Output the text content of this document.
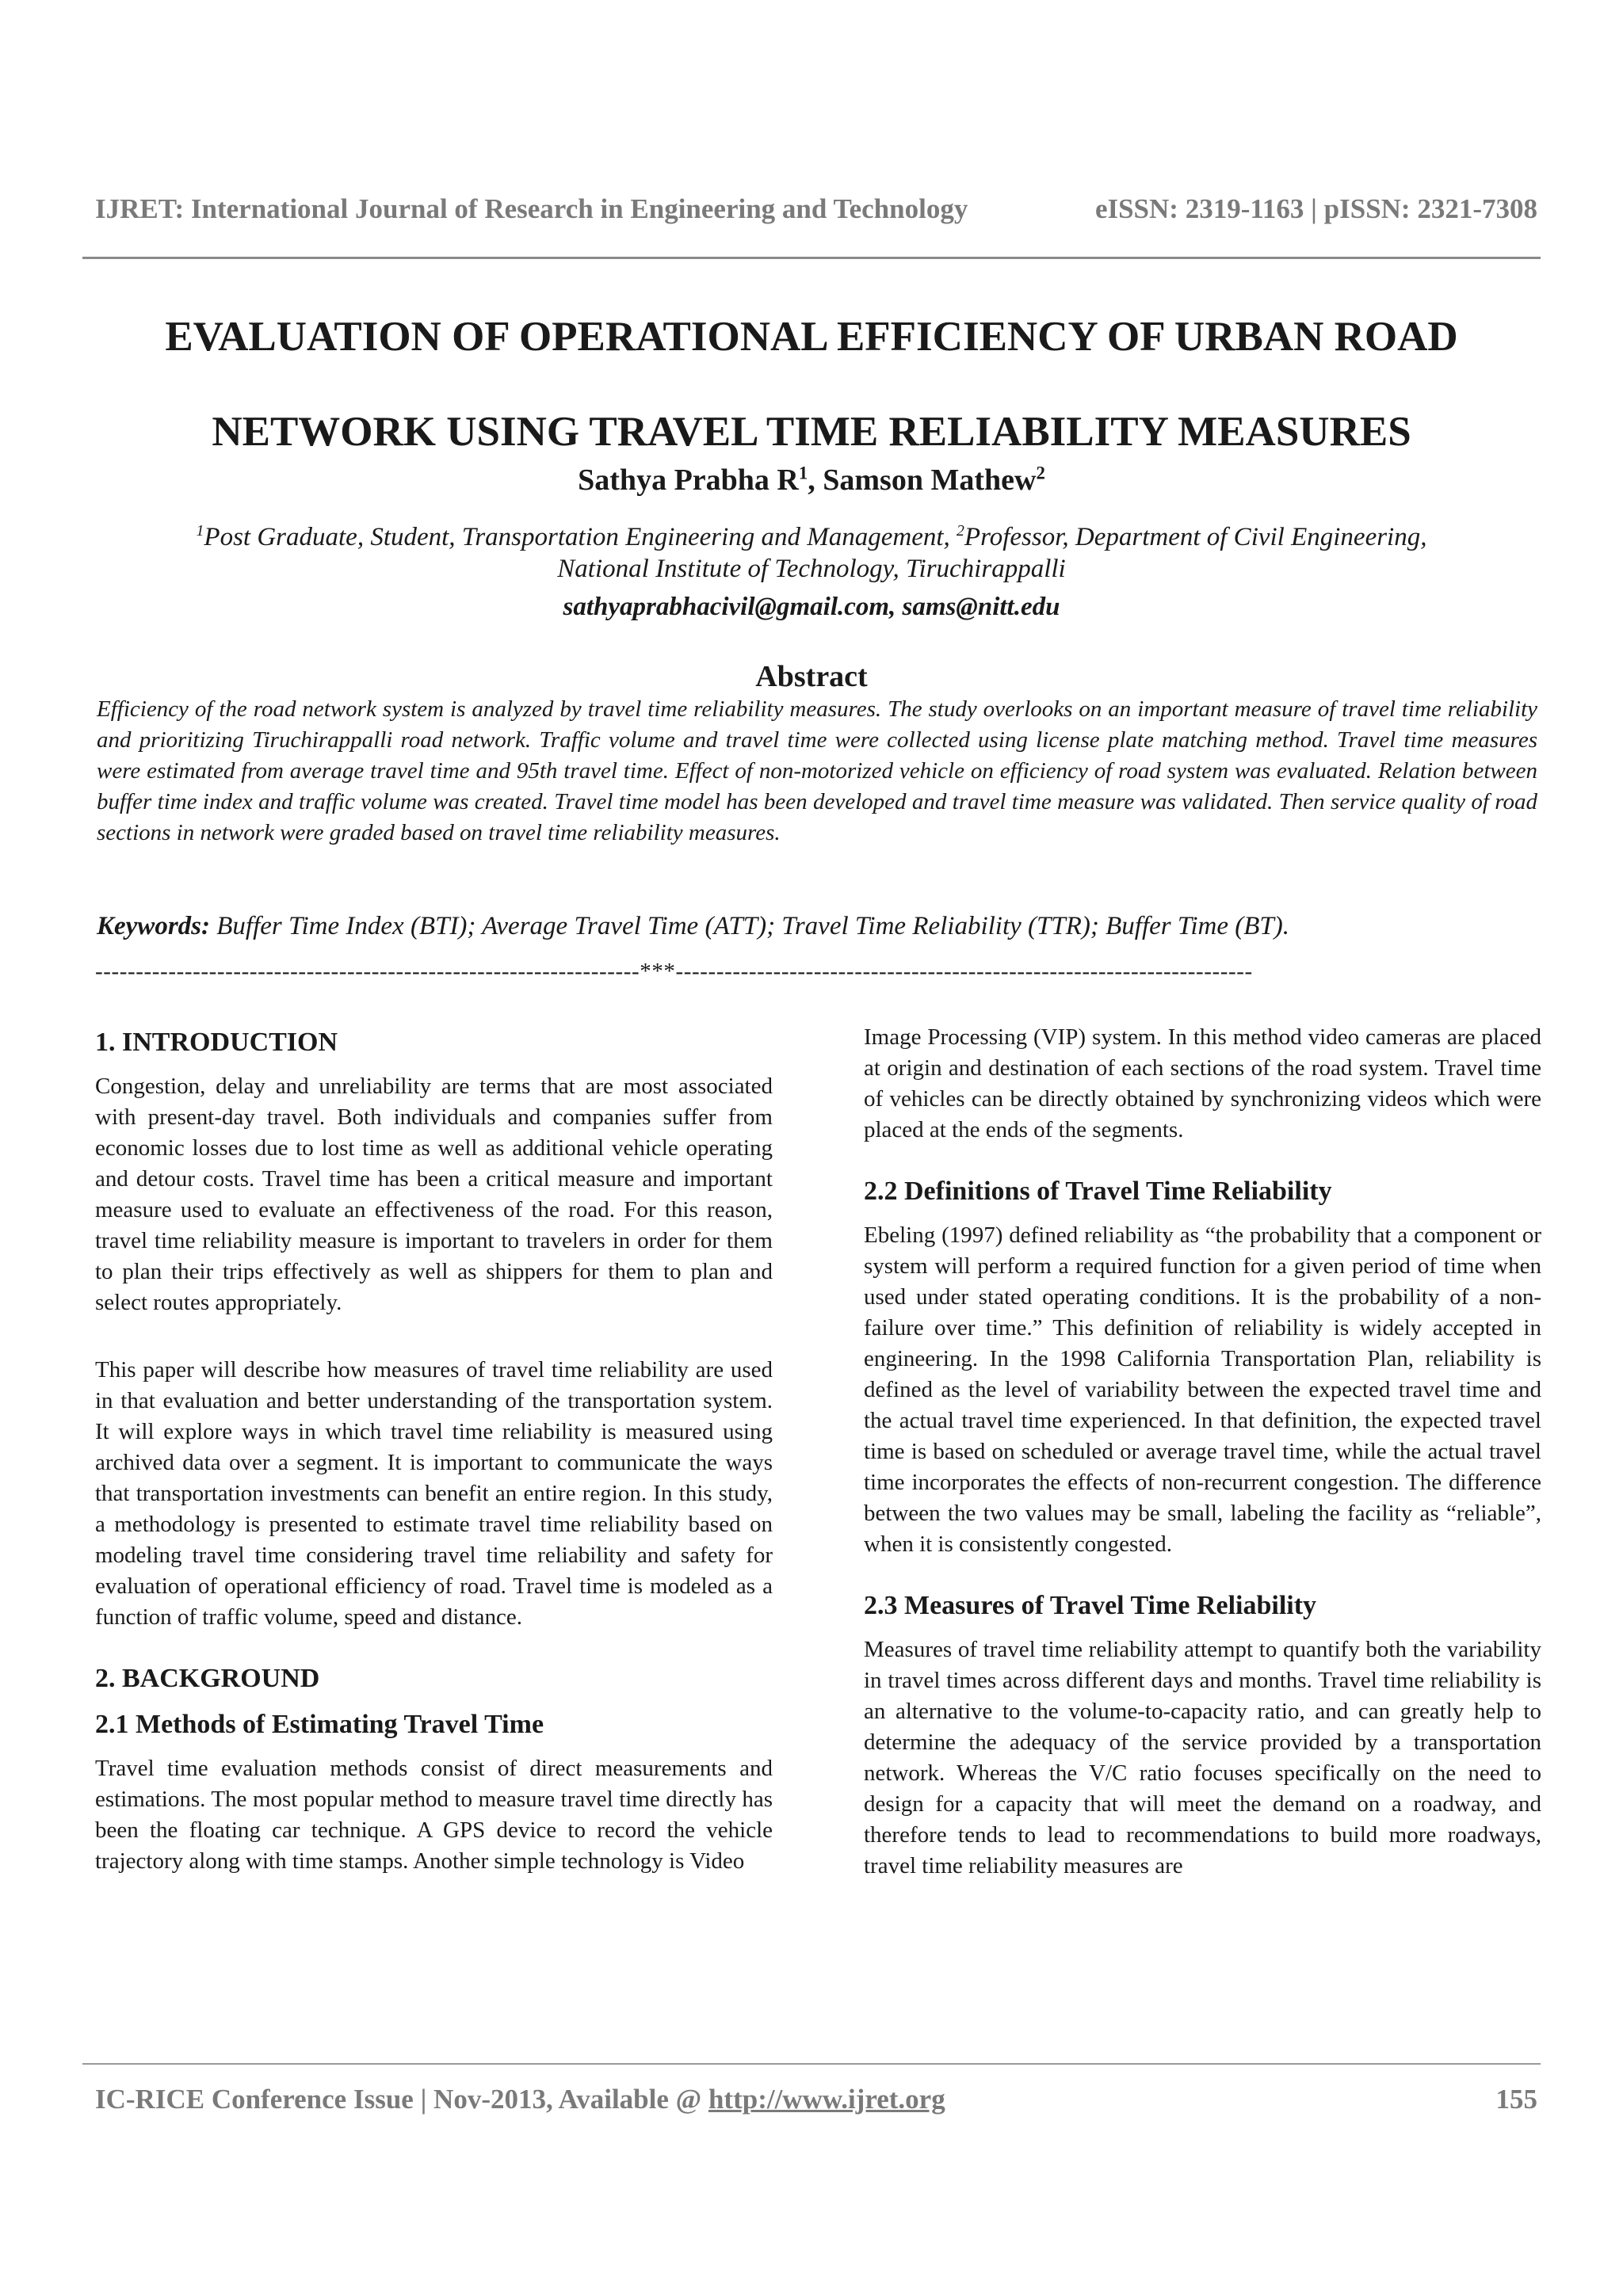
IJRET: International Journal of Research in Engineering and Technology	eISSN: 2319-1163 | pISSN: 2321-7308
EVALUATION OF OPERATIONAL EFFICIENCY OF URBAN ROAD
NETWORK USING TRAVEL TIME RELIABILITY MEASURES
Sathya Prabha $R^1$, Samson Mathew$^2$
$^1$Post Graduate, Student, Transportation Engineering and Management, $^2$Professor, Department of Civil Engineering,
National Institute of Technology, Tiruchirappalli
sathyaprabhacivil@gmail.com, sams@nitt.edu
Abstract

Efficiency of the road network system is analyzed by travel time reliability measures. The study overlooks on an important measure of travel time reliability and prioritizing Tiruchirappalli road network. Traffic volume and travel time were collected using license plate matching method. Travel time measures were estimated from average travel time and 95th travel time. Effect of non-motorized vehicle on efficiency of road system was evaluated. Relation between buffer time index and traffic volume was created. Travel time model has been developed and travel time measure was validated. Then service quality of road sections in network were graded based on travel time reliability measures.

Keywords: Buffer Time Index (BTI); Average Travel Time (ATT); Travel Time Reliability (TTR); Buffer Time (BT).
-------------------------------------------------------------------***-----------------------------------------------------------------------
1. INTRODUCTION

Congestion, delay and unreliability are terms that are most associated with present-day travel. Both individuals and companies suffer from economic losses due to lost time as well as additional vehicle operating and detour costs. Travel time has been a critical measure and important measure used to evaluate an effectiveness of the road. For this reason, travel time reliability measure is important to travelers in order for them to plan their trips effectively as well as shippers for them to plan and select routes appropriately.

This paper will describe how measures of travel time reliability are used in that evaluation and better understanding of the transportation system. It will explore ways in which travel time reliability is measured using archived data over a segment. It is important to communicate the ways that transportation investments can benefit an entire region. In this study, a methodology is presented to estimate travel time reliability based on modeling travel time considering travel time reliability and safety for evaluation of operational efficiency of road. Travel time is modeled as a function of traffic volume, speed and distance.

2. BACKGROUND
2.1 Methods of Estimating Travel Time

Travel time evaluation methods consist of direct measurements and estimations. The most popular method to measure travel time directly has been the floating car technique. A GPS device to record the vehicle trajectory along with time stamps. Another simple technology is Video

Image Processing (VIP) system. In this method video cameras are placed at origin and destination of each sections of the road system. Travel time of vehicles can be directly obtained by synchronizing videos which were placed at the ends of the segments.

2.2 Definitions of Travel Time Reliability

Ebeling (1997) defined reliability as “the probability that a component or system will perform a required function for a given period of time when used under stated operating conditions. It is the probability of a non-failure over time.” This definition of reliability is widely accepted in engineering. In the 1998 California Transportation Plan, reliability is defined as the level of variability between the expected travel time and the actual travel time experienced. In that definition, the expected travel time is based on scheduled or average travel time, while the actual travel time incorporates the effects of non-recurrent congestion. The difference between the two values may be small, labeling the facility as “reliable”, when it is consistently congested.

2.3 Measures of Travel Time Reliability

Measures of travel time reliability attempt to quantify both the variability in travel times across different days and months. Travel time reliability is an alternative to the volume-to-capacity ratio, and can greatly help to determine the adequacy of the service provided by a transportation network. Whereas the V/C ratio focuses specifically on the need to design for a capacity that will meet the demand on a roadway, and therefore tends to lead to recommendations to build more roadways, travel time reliability measures are

IC-RICE Conference Issue | Nov-2013, Available @ http://www.ijret.org	155
